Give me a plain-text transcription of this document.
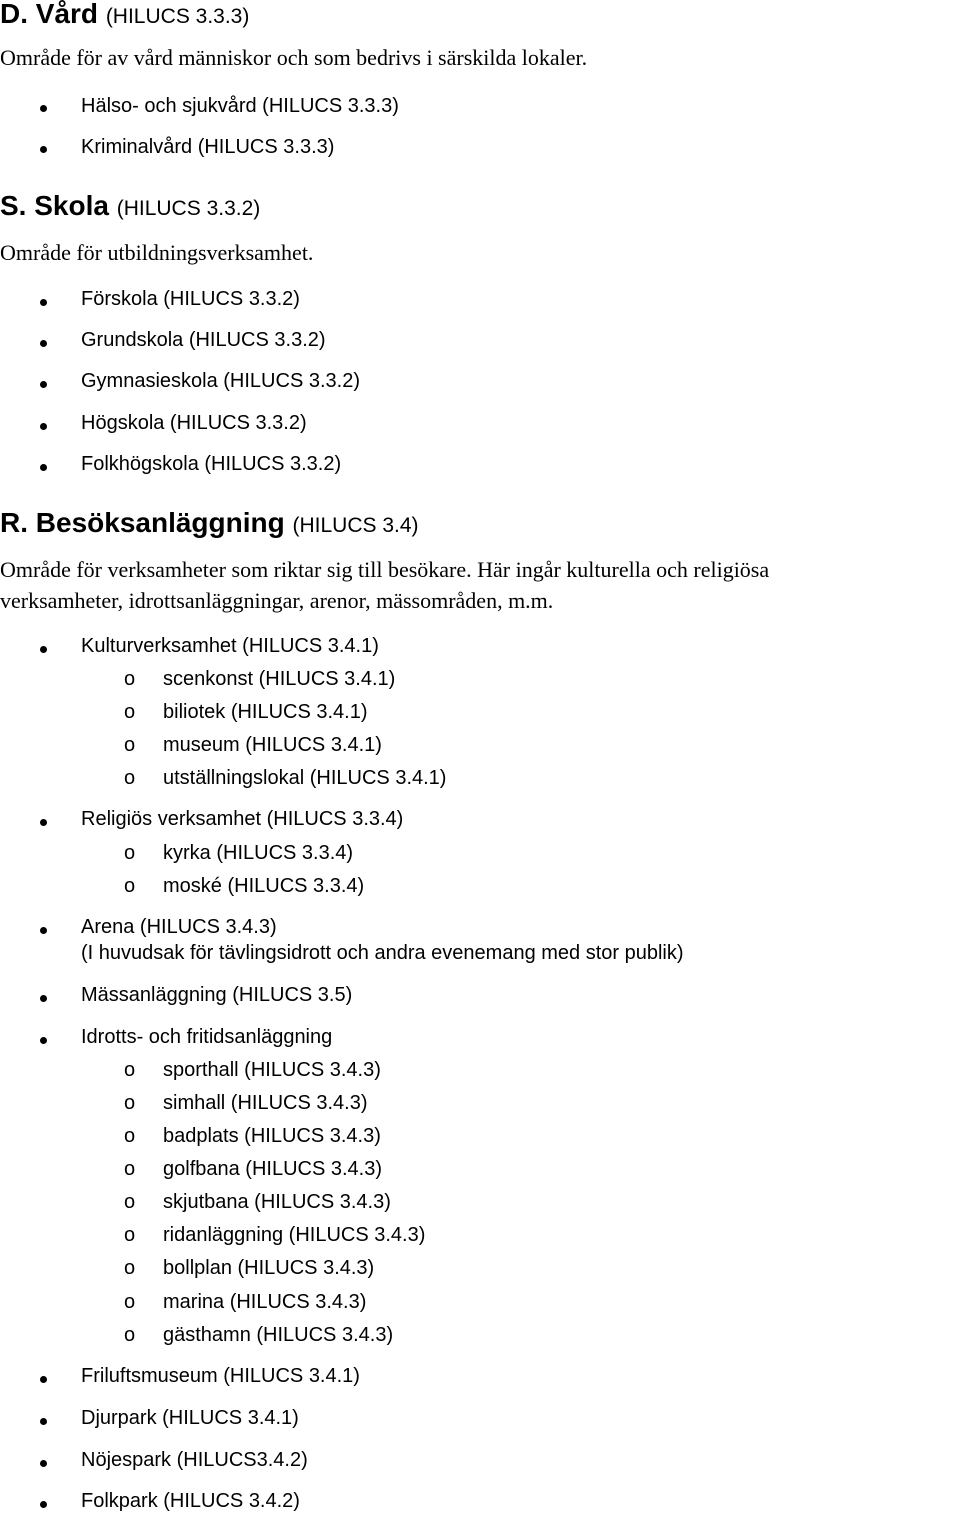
D. Vård (HILUCS 3.3.3)
Område för av vård människor och som bedrivs i särskilda lokaler.
Hälso- och sjukvård (HILUCS 3.3.3)
Kriminalvård (HILUCS 3.3.3)
S. Skola (HILUCS 3.3.2)
Område för utbildningsverksamhet.
Förskola (HILUCS 3.3.2)
Grundskola (HILUCS 3.3.2)
Gymnasieskola (HILUCS 3.3.2)
Högskola (HILUCS 3.3.2)
Folkhögskola (HILUCS 3.3.2)
R. Besöksanläggning (HILUCS 3.4)
Område för verksamheter som riktar sig till besökare. Här ingår kulturella och religiösa
verksamheter, idrottsanläggningar, arenor, mässområden, m.m.
Kulturverksamhet (HILUCS 3.4.1)
o scenkonst (HILUCS 3.4.1)
o biliotek (HILUCS 3.4.1)
o museum (HILUCS 3.4.1)
o utställningslokal (HILUCS 3.4.1)
Religiös verksamhet (HILUCS 3.3.4)
o kyrka (HILUCS 3.3.4)
o moské (HILUCS 3.3.4)
Arena (HILUCS 3.4.3)
(I huvudsak för tävlingsidrott och andra evenemang med stor publik)
Mässanläggning (HILUCS 3.5)
Idrotts- och fritidsanläggning
o sporthall (HILUCS 3.4.3)
o simhall (HILUCS 3.4.3)
o badplats (HILUCS 3.4.3)
o golfbana (HILUCS 3.4.3)
o skjutbana (HILUCS 3.4.3)
o ridanläggning (HILUCS 3.4.3)
o bollplan (HILUCS 3.4.3)
o marina (HILUCS 3.4.3)
o gästhamn (HILUCS 3.4.3)
Friluftsmuseum (HILUCS 3.4.1)
Djurpark (HILUCS 3.4.1)
Nöjespark (HILUCS3.4.2)
Folkpark (HILUCS 3.4.2)
